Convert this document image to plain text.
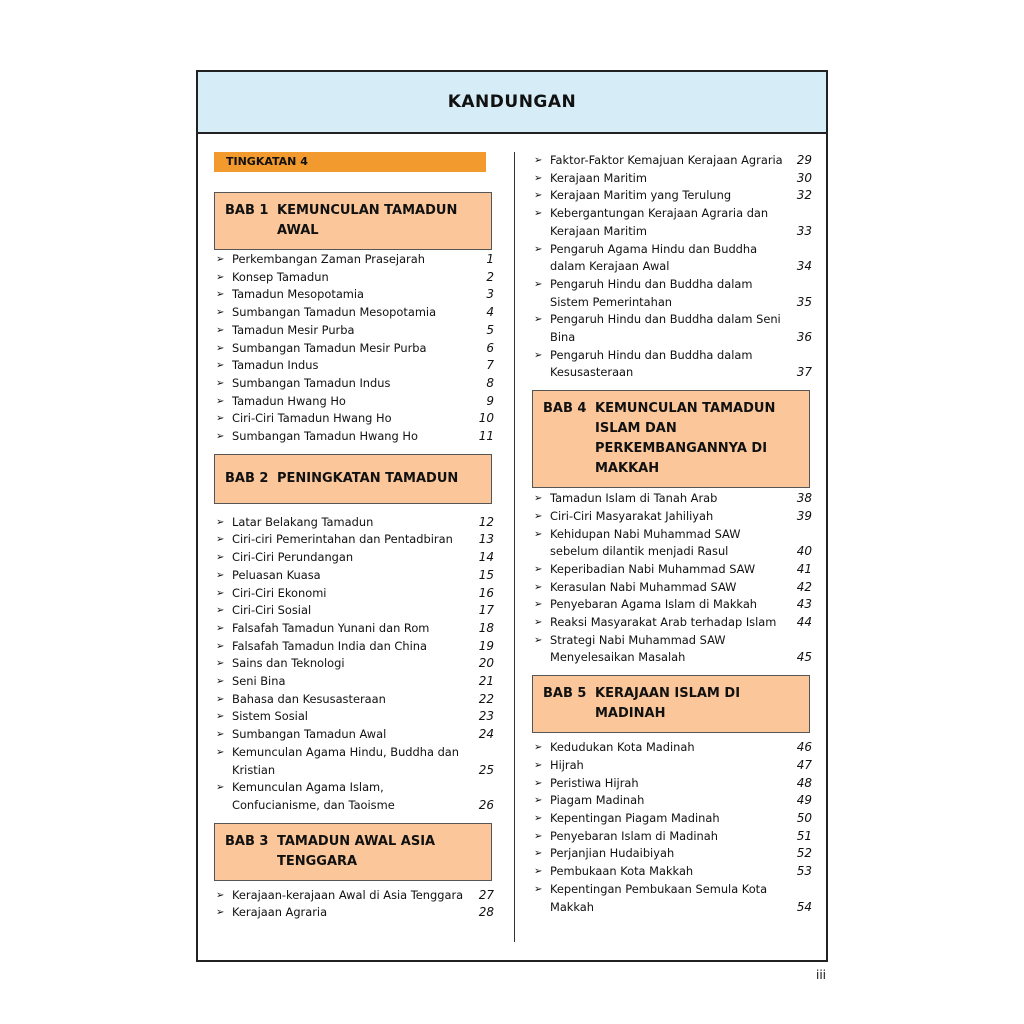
KANDUNGAN
TINGKATAN 4
BAB 1 KEMUNCULAN TAMADUN
AWAL
➢ Perkembangan Zaman Prasejarah	1
➢ Konsep Tamadun	2
➢ Tamadun Mesopotamia	3
➢ Sumbangan Tamadun Mesopotamia	4
➢ Tamadun Mesir Purba	5
➢ Sumbangan Tamadun Mesir Purba	6
➢ Tamadun Indus	7
➢ Sumbangan Tamadun Indus	8
➢ Tamadun Hwang Ho	9
➢ Ciri-Ciri Tamadun Hwang Ho	10
➢ Sumbangan Tamadun Hwang Ho	11
BAB 2 PENINGKATAN TAMADUN
➢ Latar Belakang Tamadun	12
➢ Ciri-ciri Pemerintahan dan Pentadbiran 13
➢ Ciri-Ciri Perundangan	14
➢ Peluasan Kuasa	15
➢ Ciri-Ciri Ekonomi	16
➢ Ciri-Ciri Sosial	17
➢ Falsafah Tamadun Yunani dan Rom	18
➢ Falsafah Tamadun India dan China	19
➢ Sains dan Teknologi	20
➢ Seni Bina	21
➢ Bahasa dan Kesusasteraan	22
➢ Sistem Sosial	23
➢ Sumbangan Tamadun Awal	24
➢ Kemunculan Agama Hindu, Buddha dan Kristian	25
➢ Kemunculan Agama Islam, Confucianisme, dan Taoisme	26
BAB 3 TAMADUN AWAL ASIA
TENGGARA
➢ Kerajaan-kerajaan Awal di Asia Tenggara 27
➢ Kerajaan Agraria	28
➢ Faktor-Faktor Kemajuan Kerajaan Agraria 29
➢ Kerajaan Maritim	30
➢ Kerajaan Maritim yang Terulung	32
➢ Kebergantungan Kerajaan Agraria dan Kerajaan Maritim	33
➢ Pengaruh Agama Hindu dan Buddha dalam Kerajaan Awal	34
➢ Pengaruh Hindu dan Buddha dalam Sistem Pemerintahan	35
➢ Pengaruh Hindu dan Buddha dalam Seni Bina	36
➢ Pengaruh Hindu dan Buddha dalam Kesusasteraan	37
BAB 4 KEMUNCULAN TAMADUN
ISLAM DAN
PERKEMBANGANNYA DI
MAKKAH
➢ Tamadun Islam di Tanah Arab	38
➢ Ciri-Ciri Masyarakat Jahiliyah	39
➢ Kehidupan Nabi Muhammad SAW sebelum dilantik menjadi Rasul	40
➢ Keperibadian Nabi Muhammad SAW	41
➢ Kerasulan Nabi Muhammad SAW	42
➢ Penyebaran Agama Islam di Makkah	43
➢ Reaksi Masyarakat Arab terhadap Islam 44
➢ Strategi Nabi Muhammad SAW Menyelesaikan Masalah	45
BAB 5 KERAJAAN ISLAM DI
MADINAH
➢ Kedudukan Kota Madinah	46
➢ Hijrah	47
➢ Peristiwa Hijrah	48
➢ Piagam Madinah	49
➢ Kepentingan Piagam Madinah	50
➢ Penyebaran Islam di Madinah	51
➢ Perjanjian Hudaibiyah	52
➢ Pembukaan Kota Makkah	53
➢ Kepentingan Pembukaan Semula Kota Makkah	54
iii
